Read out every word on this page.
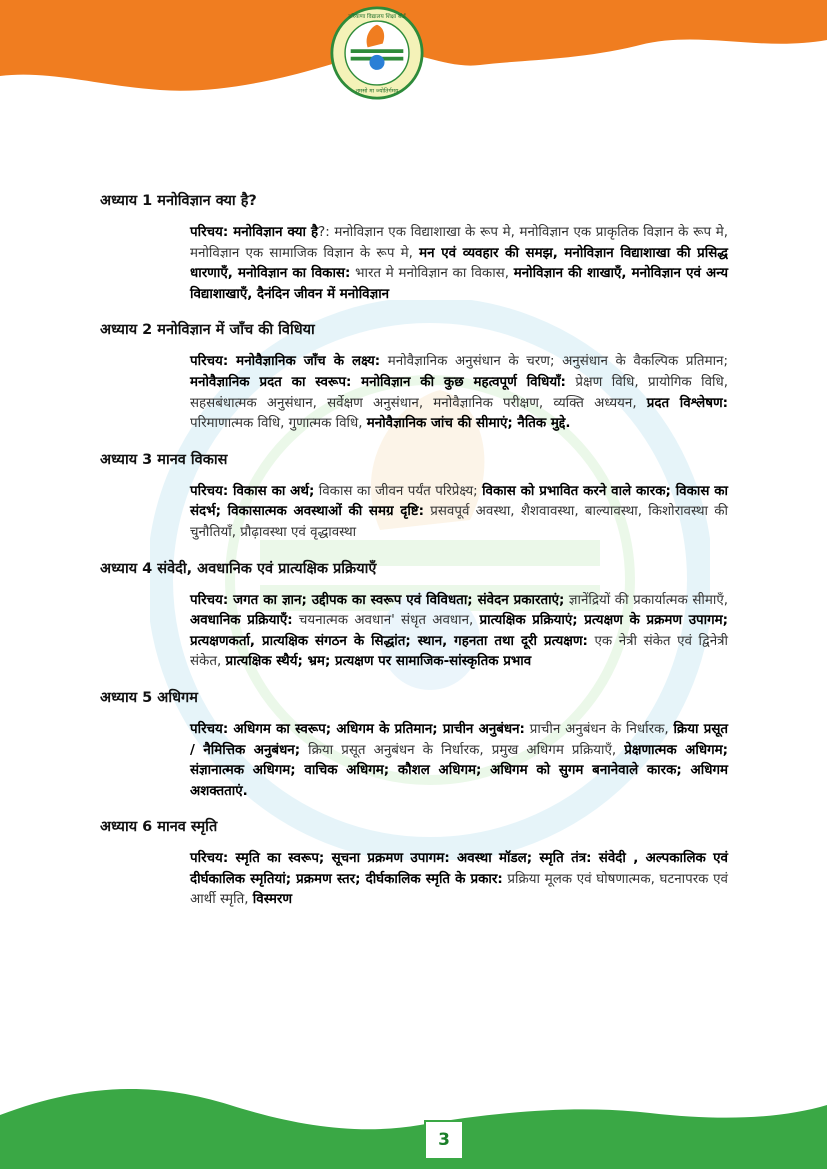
हरियाणा विद्यालय शिक्षा बोर्ड
तमसो मा ज्योतिर्गमय
अध्याय 1 मनोविज्ञान क्या है?
परिचय: मनोविज्ञान क्या है?: मनोविज्ञान एक विद्याशाखा के रूप मे, मनोविज्ञान एक प्राकृतिक विज्ञान के रूप मे, मनोविज्ञान एक सामाजिक विज्ञान के रूप मे, मन एवं व्यवहार की समझ, मनोविज्ञान विद्याशाखा की प्रसिद्ध धारणाएँ, मनोविज्ञान का विकास: भारत मे मनोविज्ञान का विकास, मनोविज्ञान की शाखाएँ, मनोविज्ञान एवं अन्य विद्याशाखाएँ, दैनंदिन जीवन में मनोविज्ञान
अध्याय 2 मनोविज्ञान में जाँच की विधिया
परिचय: मनोवैज्ञानिक जाँच के लक्ष्य: मनोवैज्ञानिक अनुसंधान के चरण; अनुसंधान के वैकल्पिक प्रतिमान; मनोवैज्ञानिक प्रदत का स्वरूप: मनोविज्ञान की कुछ महत्वपूर्ण विधियाँ: प्रेक्षण विधि, प्रायोगिक विधि, सहसबंधात्मक अनुसंधान, सर्वेक्षण अनुसंधान, मनोवैज्ञानिक परीक्षण, व्यक्ति अध्ययन, प्रदत विश्लेषण: परिमाणात्मक विधि, गुणात्मक विधि, मनोवैज्ञानिक जांच की सीमाएं; नैतिक मुद्दे.
अध्याय 3 मानव विकास
परिचय: विकास का अर्थ; विकास का जीवन पर्यंत परिप्रेक्ष्य; विकास को प्रभावित करने वाले कारक; विकास का संदर्भ; विकासात्मक अवस्थाओं की समग्र दृष्टि: प्रसवपूर्व अवस्था, शैशवावस्था, बाल्यावस्था, किशोरावस्था की चुनौतियाँ, प्रौढ़ावस्था एवं वृद्धावस्था
अध्याय 4 संवेदी, अवधानिक एवं प्रात्यक्षिक प्रक्रियाएँ
परिचय: जगत का ज्ञान; उद्दीपक का स्वरूप एवं विविधता; संवेदन प्रकारताएं; ज्ञानेंद्रियों की प्रकार्यात्मक सीमाएँ, अवधानिक प्रक्रियाएँ: चयनात्मक अवधान' संधृत अवधान, प्रात्यक्षिक प्रक्रियाएं; प्रत्यक्षण के प्रक्रमण उपागम; प्रत्यक्षणकर्ता, प्रात्यक्षिक संगठन के सिद्धांत; स्थान, गहनता तथा दूरी प्रत्यक्षण: एक नेत्री संकेत एवं द्विनेत्री संकेत, प्रात्यक्षिक स्थैर्य; भ्रम; प्रत्यक्षण पर सामाजिक-सांस्कृतिक प्रभाव
अध्याय 5 अधिगम
परिचय: अधिगम का स्वरूप; अधिगम के प्रतिमान; प्राचीन अनुबंधन: प्राचीन अनुबंधन के निर्धारक, क्रिया प्रसूत / नैमित्तिक अनुबंधन; क्रिया प्रसूत अनुबंधन के निर्धारक, प्रमुख अधिगम प्रक्रियाएँ, प्रेक्षणात्मक अधिगम; संज्ञानात्मक अधिगम; वाचिक अधिगम; कौशल अधिगम; अधिगम को सुगम बनानेवाले कारक; अधिगम अशक्तताएं.
अध्याय 6 मानव स्मृति
परिचय: स्मृति का स्वरूप; सूचना प्रक्रमण उपागम: अवस्था मॉडल; स्मृति तंत्र: संवेदी , अल्पकालिक एवं दीर्घकालिक स्मृतियां; प्रक्रमण स्तर; दीर्घकालिक स्मृति के प्रकार: प्रक्रिया मूलक एवं घोषणात्मक, घटनापरक एवं आर्थी स्मृति, विस्मरण
3
